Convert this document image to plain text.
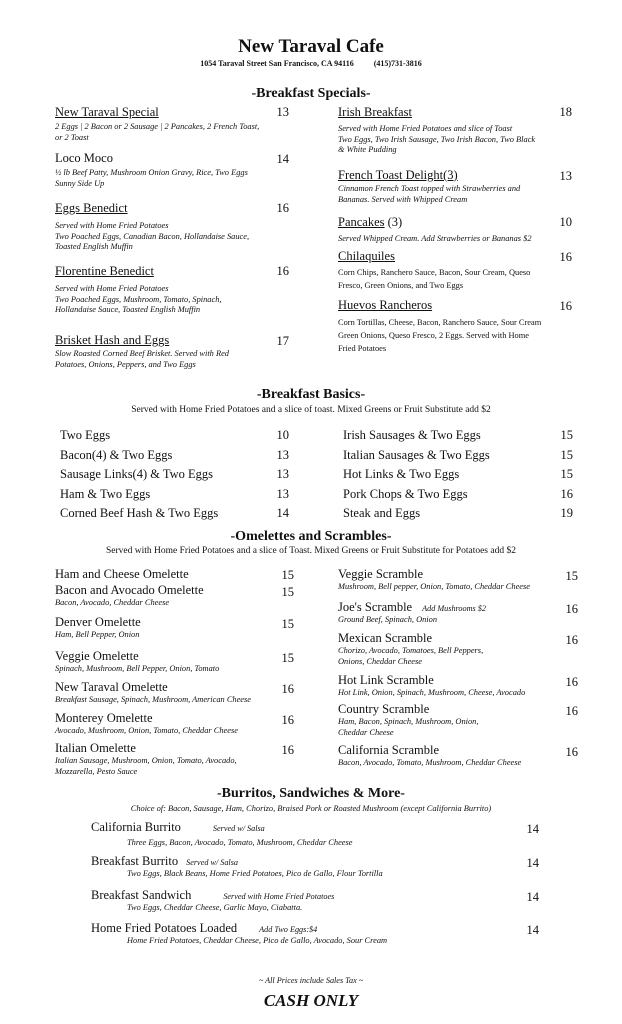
New Taraval Cafe
1054 Taraval Street San Francisco, CA 94116	(415)731-3816
-Breakfast Specials-
New Taraval Special	13
2 Eggs | 2 Bacon or 2 Sausage | 2 Pancakes, 2 French Toast,
or 2 Toast
Loco Moco	14
½ lb Beef Patty, Mushroom Onion Gravy, Rice, Two Eggs
Sunny Side Up
Eggs Benedict	16
Served with Home Fried Potatoes
Two Poached Eggs, Canadian Bacon, Hollandaise Sauce,
Toasted English Muffin
Florentine Benedict	16
Served with Home Fried Potatoes
Two Poached Eggs, Mushroom, Tomato, Spinach,
Hollandaise Sauce, Toasted English Muffin
Brisket Hash and Eggs	17
Slow Roasted Corned Beef Brisket. Served with Red
Potatoes, Onions, Peppers, and Two Eggs
Irish Breakfast	18
Served with Home Fried Potatoes and slice of Toast
Two Eggs, Two Irish Sausage, Two Irish Bacon, Two Black
& White Pudding
French Toast Delight(3)	13
Cinnamon French Toast topped with Strawberries and
Bananas. Served with Whipped Cream
Pancakes (3)	10
Served Whipped Cream. Add Strawberries or Bananas $2
Chilaquiles	16
Corn Chips, Ranchero Sauce, Bacon, Sour Cream, Queso
Fresco, Green Onions, and Two Eggs
Huevos Rancheros	16
Corn Tortillas, Cheese, Bacon, Ranchero Sauce, Sour Cream
Green Onions, Queso Fresco, 2 Eggs. Served with Home
Fried Potatoes
-Breakfast Basics-
Served with Home Fried Potatoes and a slice of toast. Mixed Greens or Fruit Substitute add $2
Two Eggs	10
Bacon(4) & Two Eggs	13
Sausage Links(4) & Two Eggs	13
Ham & Two Eggs	13
Corned Beef Hash & Two Eggs	14
Irish Sausages & Two Eggs	15
Italian Sausages & Two Eggs	15
Hot Links & Two Eggs	15
Pork Chops & Two Eggs	16
Steak and Eggs	19
-Omelettes and Scrambles-
Served with Home Fried Potatoes and a slice of Toast. Mixed Greens or Fruit Substitute for Potatoes add $2
Ham and Cheese Omelette	15
Bacon and Avocado Omelette	15
Bacon, Avocado, Cheddar Cheese
Denver Omelette	15
Ham, Bell Pepper, Onion
Veggie Omelette	15
Spinach, Mushroom, Bell Pepper, Onion, Tomato
New Taraval Omelette	16
Breakfast Sausage, Spinach, Mushroom, American Cheese
Monterey Omelette	16
Avocado, Mushroom, Onion, Tomato, Cheddar Cheese
Italian Omelette	16
Italian Sausage, Mushroom, Onion, Tomato, Avocado,
Mozzarella, Pesto Sauce
Veggie Scramble	15
Mushroom, Bell pepper, Onion, Tomato, Cheddar Cheese
Joe's Scramble Add Mushrooms $2	16
Ground Beef, Spinach, Onion
Mexican Scramble	16
Chorizo, Avocado, Tomatoes, Bell Peppers,
Onions, Cheddar Cheese
Hot Link Scramble	16
Hot Link, Onion, Spinach, Mushroom, Cheese, Avocado
Country Scramble	16
Ham, Bacon, Spinach, Mushroom, Onion,
Cheddar Cheese
California Scramble	16
Bacon, Avocado, Tomato, Mushroom, Cheddar Cheese
-Burritos, Sandwiches & More-
Choice of: Bacon, Sausage, Ham, Chorizo, Braised Pork or Roasted Mushroom (except California Burrito)
California Burrito	Served w/ Salsa	14
Three Eggs, Bacon, Avocado, Tomato, Mushroom, Cheddar Cheese
Breakfast Burrito Served w/ Salsa	14
Two Eggs, Black Beans, Home Fried Potatoes, Pico de Gallo, Flour Tortilla
Breakfast Sandwich	Served with Home Fried Potatoes	14
Two Eggs, Cheddar Cheese, Garlic Mayo, Ciabatta.
Home Fried Potatoes Loaded	Add Two Eggs:$4	14
Home Fried Potatoes, Cheddar Cheese, Pico de Gallo, Avocado, Sour Cream
~ All Prices include Sales Tax ~
CASH ONLY
